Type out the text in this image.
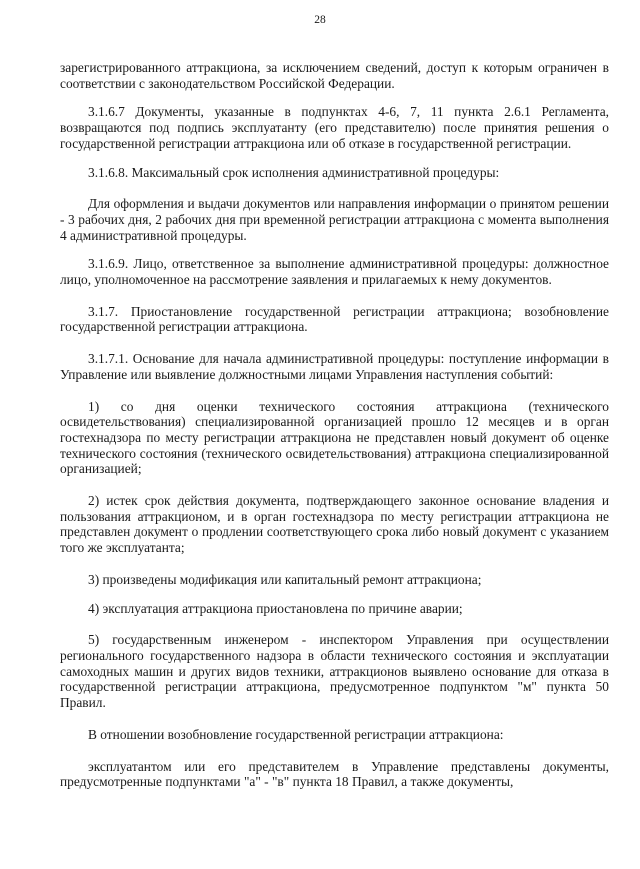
28

зарегистрированного аттракциона, за исключением сведений, доступ к которым ограничен в соответствии с законодательством Российской Федерации.

3.1.6.7 Документы, указанные в подпунктах 4-6, 7, 11 пункта 2.6.1 Регламента, возвращаются под подпись эксплуатанту (его представителю) после принятия решения о государственной регистрации аттракциона или об отказе в государственной регистрации.

3.1.6.8. Максимальный срок исполнения административной процедуры:

Для оформления и выдачи документов или направления информации о принятом решении - 3 рабочих дня, 2 рабочих дня при временной регистрации аттракциона с момента выполнения 4 административной процедуры.

3.1.6.9. Лицо, ответственное за выполнение административной процедуры: должностное лицо, уполномоченное на рассмотрение заявления и прилагаемых к нему документов.

3.1.7. Приостановление государственной регистрации аттракциона; возобновление государственной регистрации аттракциона.

3.1.7.1. Основание для начала административной процедуры: поступление информации в Управление или выявление должностными лицами Управления наступления событий:

1) со дня оценки технического состояния аттракциона (технического освидетельствования) специализированной организацией прошло 12 месяцев и в орган гостехнадзора по месту регистрации аттракциона не представлен новый документ об оценке технического состояния (технического освидетельствования) аттракциона специализированной организацией;

2) истек срок действия документа, подтверждающего законное основание владения и пользования аттракционом, и в орган гостехнадзора по месту регистрации аттракциона не представлен документ о продлении соответствующего срока либо новый документ с указанием того же эксплуатанта;

3) произведены модификация или капитальный ремонт аттракциона;

4) эксплуатация аттракциона приостановлена по причине аварии;

5) государственным инженером - инспектором Управления при осуществлении регионального государственного надзора в области технического состояния и эксплуатации самоходных машин и других видов техники, аттракционов выявлено основание для отказа в государственной регистрации аттракциона, предусмотренное подпунктом "м" пункта 50 Правил.

В отношении возобновление государственной регистрации аттракциона:

эксплуатантом или его представителем в Управление представлены документы, предусмотренные подпунктами "а" - "в" пункта 18 Правил, а также документы,
